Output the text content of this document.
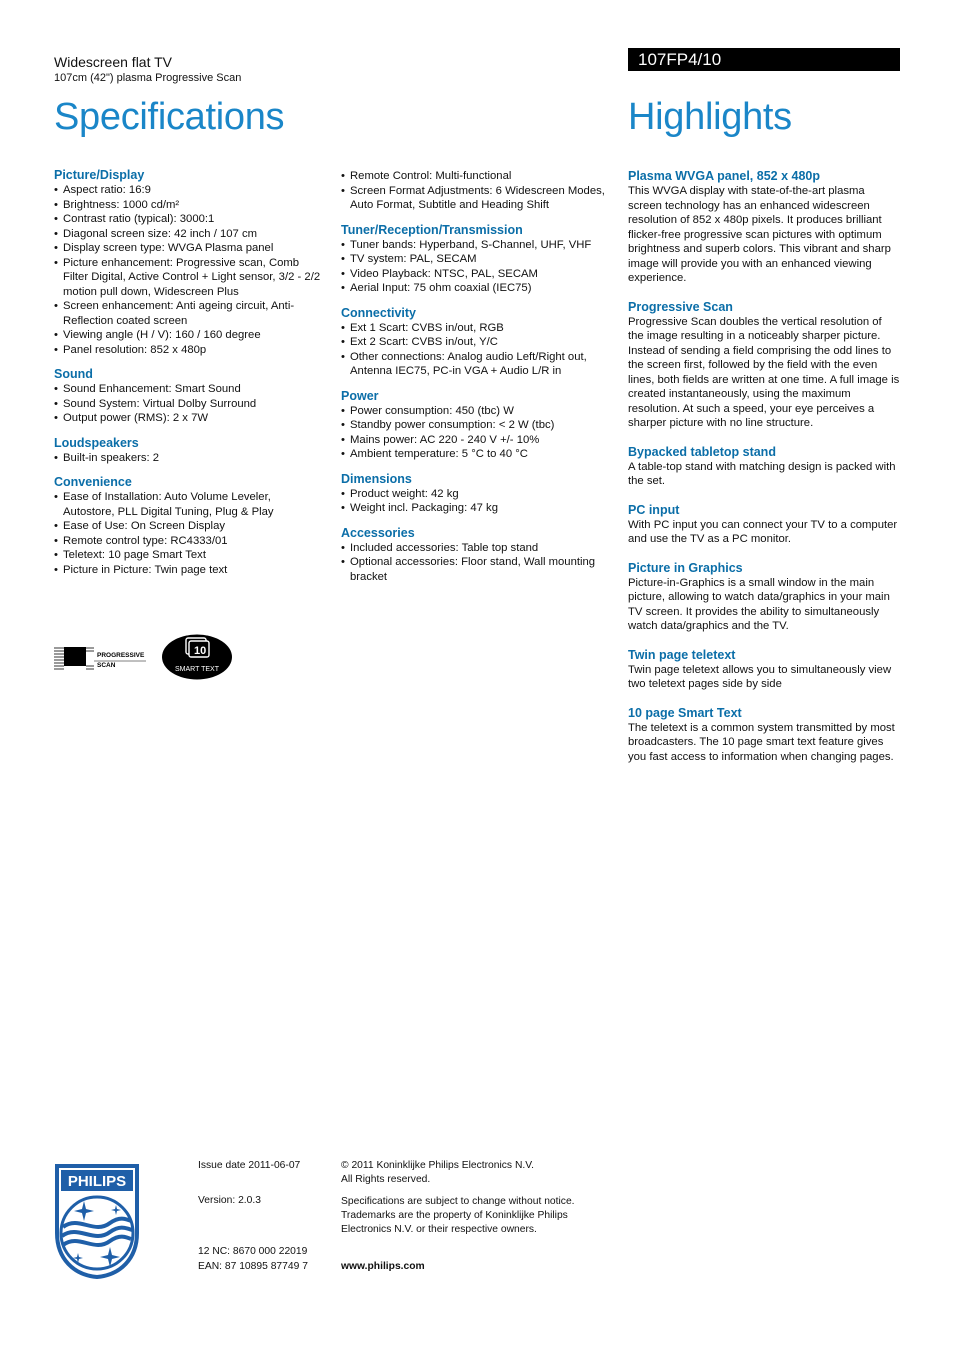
Widescreen flat TV
107cm (42") plasma Progressive Scan
107FP4/10
Specifications	Highlights
Picture/Display
• Aspect ratio: 16:9
• Brightness: 1000 cd/m²
• Contrast ratio (typical): 3000:1
• Diagonal screen size: 42 inch / 107 cm
• Display screen type: WVGA Plasma panel
• Picture enhancement: Progressive scan, Comb Filter Digital, Active Control + Light sensor, 3/2 - 2/2 motion pull down, Widescreen Plus
• Screen enhancement: Anti ageing circuit, Anti-Reflection coated screen
• Viewing angle (H / V): 160 / 160 degree
• Panel resolution: 852 x 480p
Sound
• Sound Enhancement: Smart Sound
• Sound System: Virtual Dolby Surround
• Output power (RMS): 2 x 7W
Loudspeakers
• Built-in speakers: 2
Convenience
• Ease of Installation: Auto Volume Leveler, Autostore, PLL Digital Tuning, Plug & Play
• Ease of Use: On Screen Display
• Remote control type: RC4333/01
• Teletext: 10 page Smart Text
• Picture in Picture: Twin page text
• Remote Control: Multi-functional
• Screen Format Adjustments: 6 Widescreen Modes, Auto Format, Subtitle and Heading Shift
Tuner/Reception/Transmission
• Tuner bands: Hyperband, S-Channel, UHF, VHF
• TV system: PAL, SECAM
• Video Playback: NTSC, PAL, SECAM
• Aerial Input: 75 ohm coaxial (IEC75)
Connectivity
• Ext 1 Scart: CVBS in/out, RGB
• Ext 2 Scart: CVBS in/out, Y/C
• Other connections: Analog audio Left/Right out, Antenna IEC75, PC-in VGA + Audio L/R in
Power
• Power consumption: 450 (tbc) W
• Standby power consumption: < 2 W (tbc)
• Mains power: AC 220 - 240 V +/- 10%
• Ambient temperature: 5 °C to 40 °C
Dimensions
• Product weight: 42 kg
• Weight incl. Packaging: 47 kg
Accessories
• Included accessories: Table top stand
• Optional accessories: Floor stand, Wall mounting bracket
Plasma WVGA panel, 852 x 480p
This WVGA display with state-of-the-art plasma screen technology has an enhanced widescreen resolution of 852 x 480p pixels. It produces brilliant flicker-free progressive scan pictures with optimum brightness and superb colors. This vibrant and sharp image will provide you with an enhanced viewing experience.
Progressive Scan
Progressive Scan doubles the vertical resolution of the image resulting in a noticeably sharper picture. Instead of sending a field comprising the odd lines to the screen first, followed by the field with the even lines, both fields are written at one time. A full image is created instantaneously, using the maximum resolution. At such a speed, your eye perceives a sharper picture with no line structure.
Bypacked tabletop stand
A table-top stand with matching design is packed with the set.
PC input
With PC input you can connect your TV to a computer and use the TV as a PC monitor.
Picture in Graphics
Picture-in-Graphics is a small window in the main picture, allowing to watch data/graphics in your main TV screen. It provides the ability to simultaneously watch data/graphics and the TV.
Twin page teletext
Twin page teletext allows you to simultaneously view two teletext pages side by side
10 page Smart Text
The teletext is a common system transmitted by most broadcasters. The 10 page smart text feature gives you fast access to information when changing pages.
PROGRESSIVE
SCAN
10
SMART TEXT
PHILIPS
Issue date 2011-06-07
Version: 2.0.3
12 NC: 8670 000 22019
EAN: 87 10895 87749 7
© 2011 Koninklijke Philips Electronics N.V.
All Rights reserved.
Specifications are subject to change without notice.
Trademarks are the property of Koninklijke Philips
Electronics N.V. or their respective owners.
www.philips.com
